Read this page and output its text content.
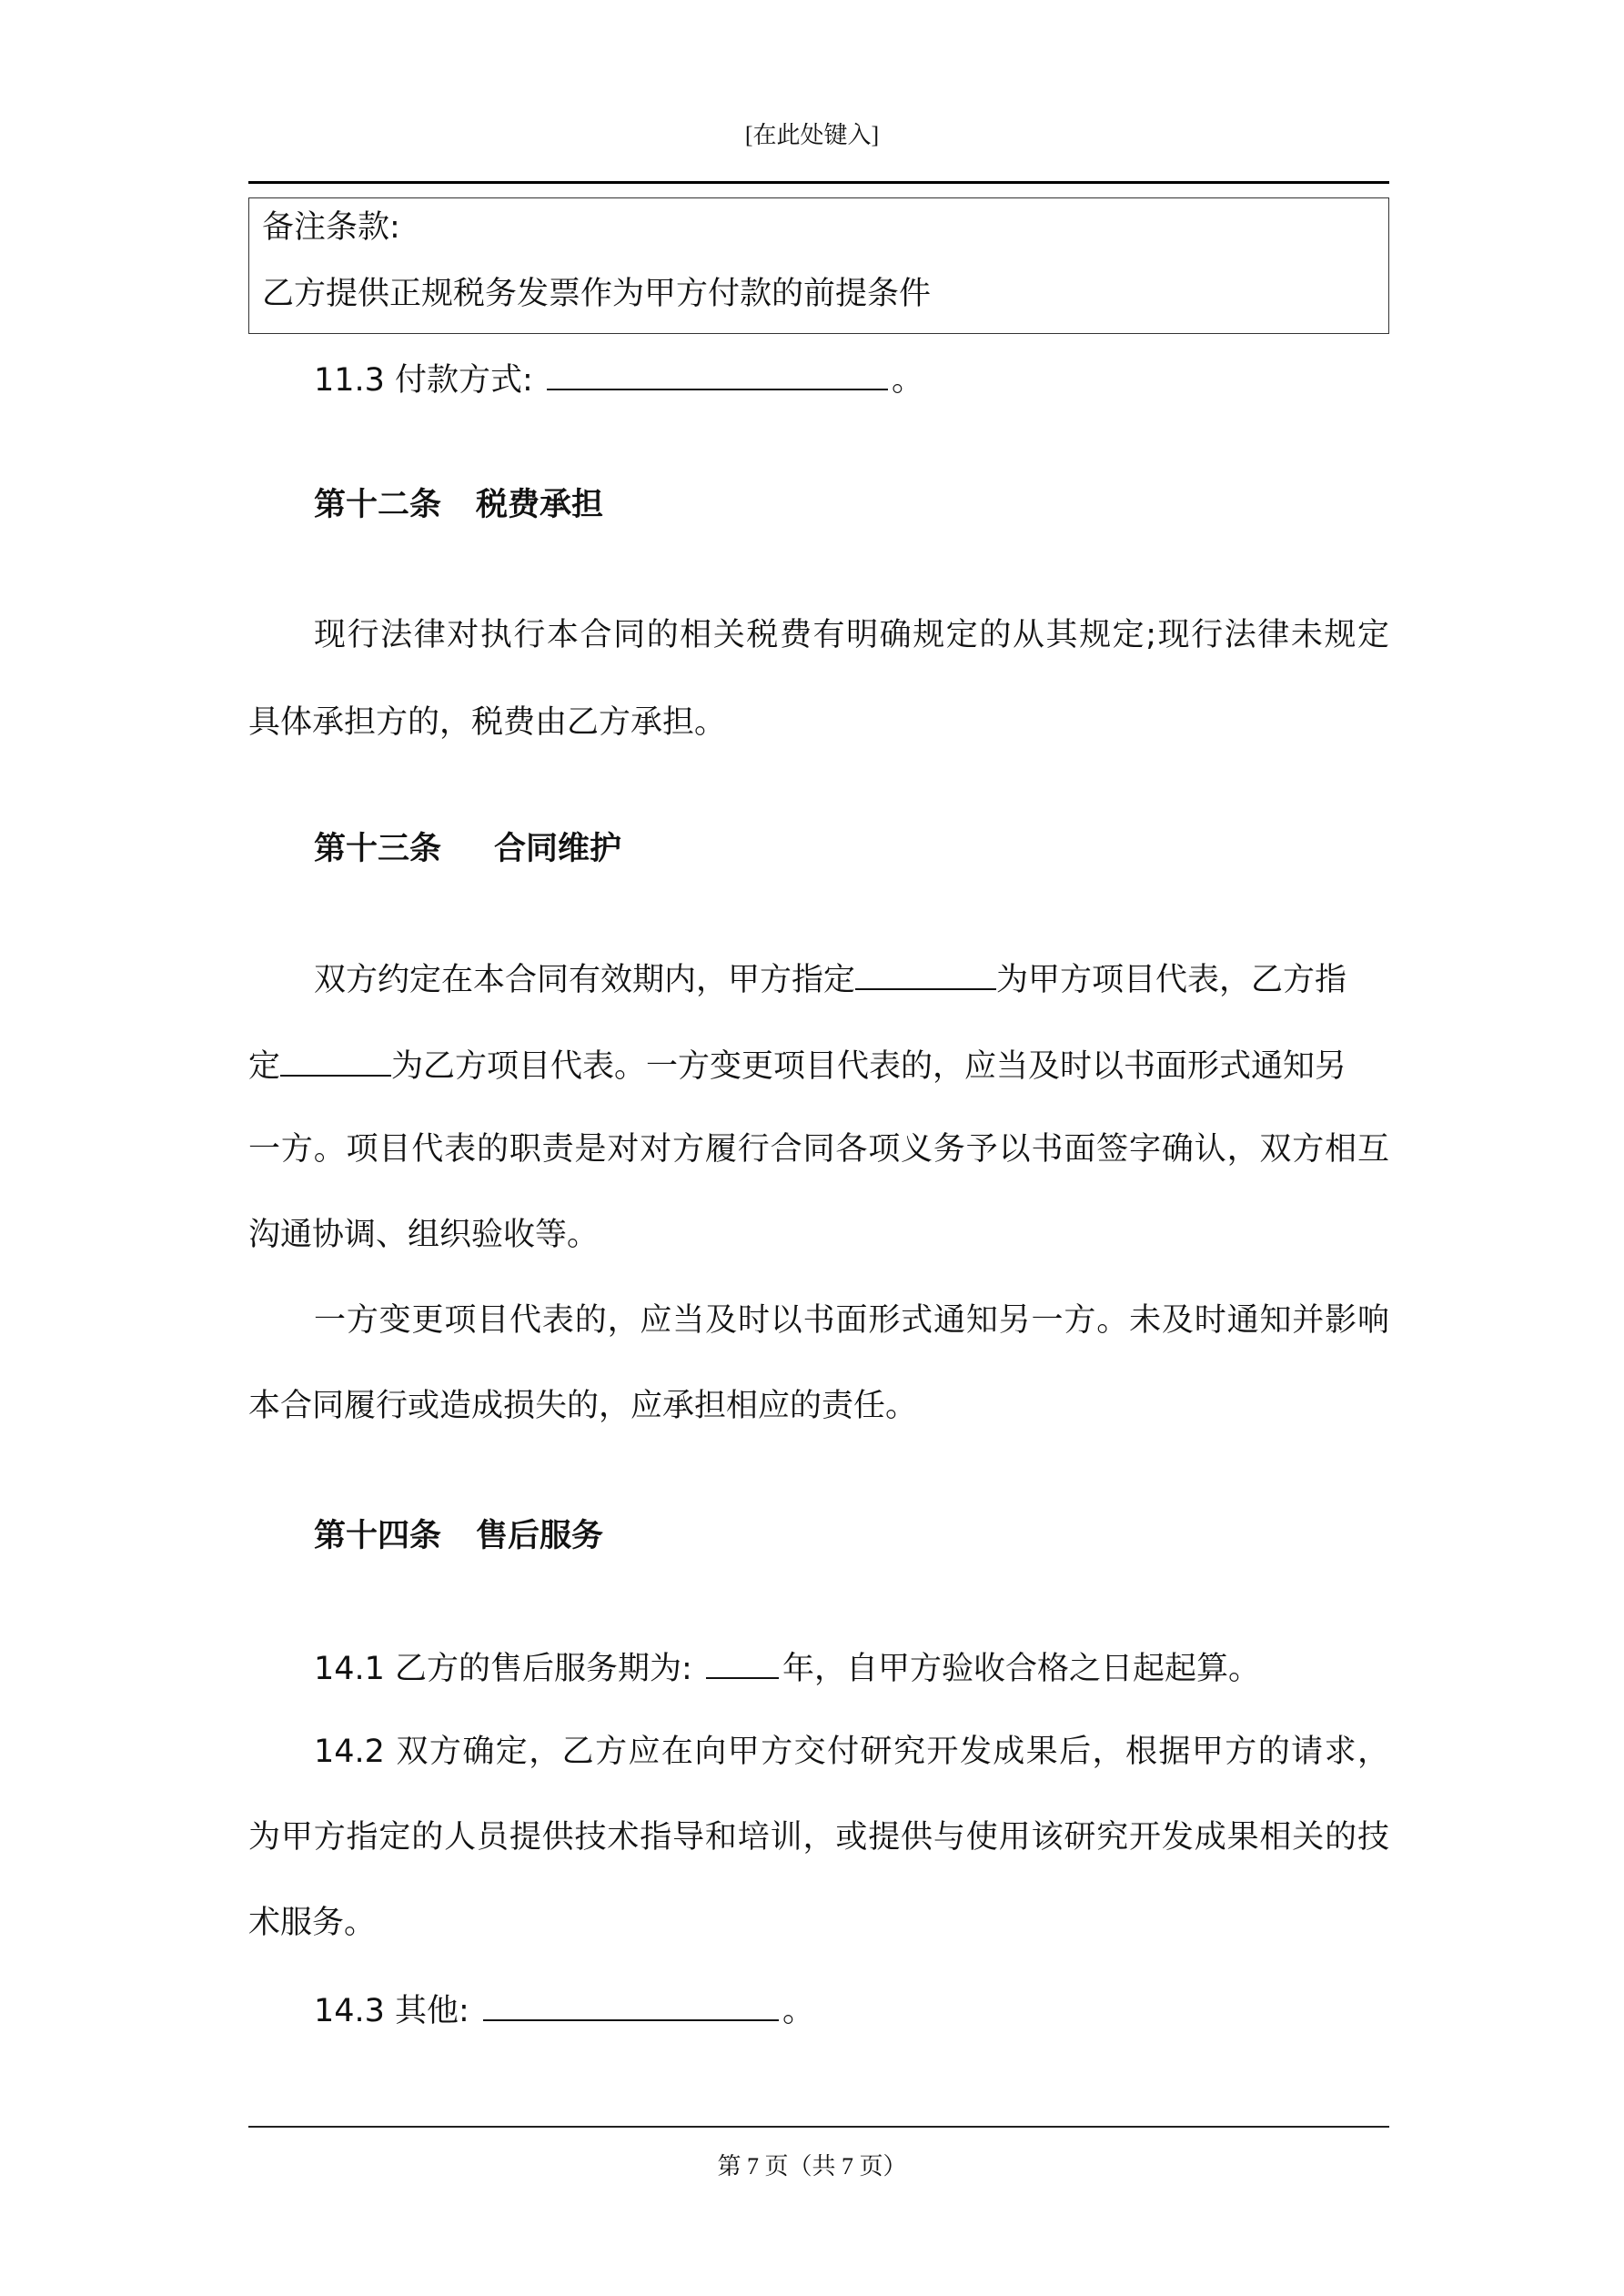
[在此处键入]
备注条款:
乙方提供正规税务发票作为甲方付款的前提条件
11.3 付款方式:	。
第十二条 税费承担
现行法律对执行本合同的相关税费有明确规定的从其规定;现行法律未规定
具体承担方的，税费由乙方承担。
第十三条 合同维护
双方约定在本合同有效期内，甲方指定	为甲方项目代表，乙方指
定	为乙方项目代表。一方变更项目代表的，应当及时以书面形式通知另
一方。项目代表的职责是对对方履行合同各项义务予以书面签字确认，双方相互
沟通协调、组织验收等。
一方变更项目代表的，应当及时以书面形式通知另一方。未及时通知并影响
本合同履行或造成损失的，应承担相应的责任。
第十四条 售后服务
14.1 乙方的售后服务期为:	年，自甲方验收合格之日起起算。
14.2 双方确定，乙方应在向甲方交付研究开发成果后，根据甲方的请求，
为甲方指定的人员提供技术指导和培训，或提供与使用该研究开发成果相关的技
术服务。
14.3 其他:	。
第 7 页（共 7 页）
